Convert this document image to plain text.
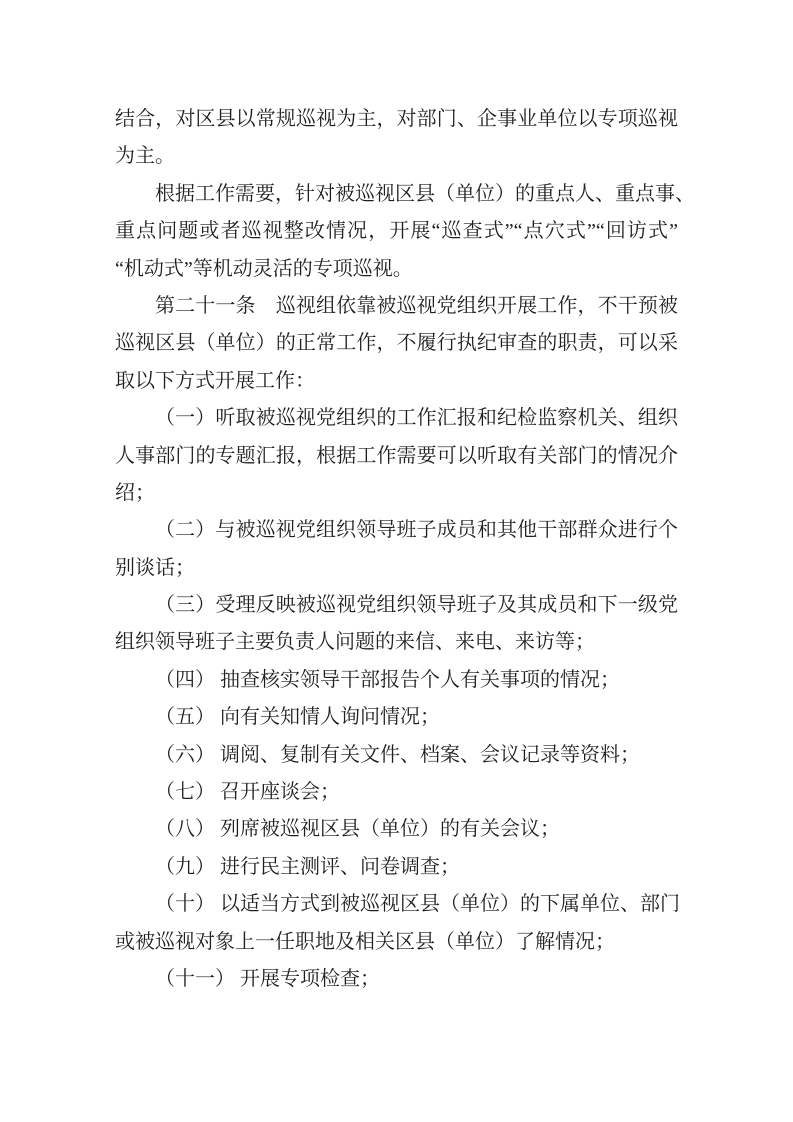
结合，对区县以常规巡视为主，对部门、企事业单位以专项巡视
为主。
根据工作需要，针对被巡视区县（单位）的重点人、重点事、
重点问题或者巡视整改情况，开展“巡查式”“点穴式”“回访式”
“机动式”等机动灵活的专项巡视。
第二十一条　巡视组依靠被巡视党组织开展工作，不干预被
巡视区县（单位）的正常工作，不履行执纪审查的职责，可以采
取以下方式开展工作：
（一）听取被巡视党组织的工作汇报和纪检监察机关、组织
人事部门的专题汇报，根据工作需要可以听取有关部门的情况介
绍；
（二）与被巡视党组织领导班子成员和其他干部群众进行个
别谈话；
（三）受理反映被巡视党组织领导班子及其成员和下一级党
组织领导班子主要负责人问题的来信、来电、来访等；
（四） 抽查核实领导干部报告个人有关事项的情况；
（五） 向有关知情人询问情况；
（六） 调阅、复制有关文件、档案、会议记录等资料；
（七） 召开座谈会；
（八） 列席被巡视区县（单位）的有关会议；
（九） 进行民主测评、问卷调查；
（十） 以适当方式到被巡视区县（单位）的下属单位、部门
或被巡视对象上一任职地及相关区县（单位）了解情况；
（十一） 开展专项检查；
